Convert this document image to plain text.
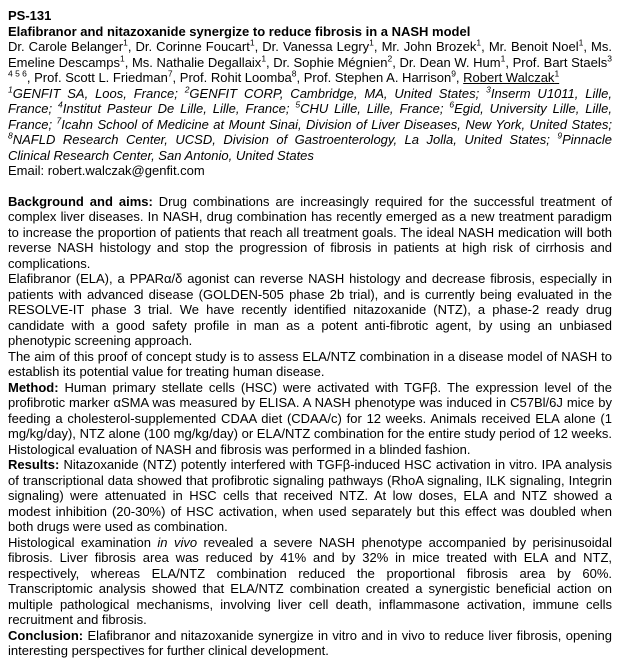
PS-131

Elafibranor and nitazoxanide synergize to reduce fibrosis in a NASH model

Dr. Carole Belanger$^1$, Dr. Corinne Foucart$^1$, Dr. Vanessa Legry$^1$, Mr. John Brozek$^1$, Mr. Benoit Noel$^1$, Ms. Emeline Descamps$^1$, Ms. Nathalie Degallaix$^1$, Dr. Sophie Mégnien$^2$, Dr. Dean W. Hum$^1$, Prof. Bart Staels$^{3 4 5 6}$, Prof. Scott L. Friedman$^7$, Prof. Rohit Loomba$^8$, Prof. Stephen A. Harrison$^9$, Robert Walczak$^1$

$^1$GENFIT SA, Loos, France; $^2$GENFIT CORP, Cambridge, MA, United States; $^3$Inserm U1011, Lille, France; $^4$Institut Pasteur De Lille, Lille, France; $^5$CHU Lille, Lille, France; $^6$Egid, University Lille, Lille, France; $^7$Icahn School of Medicine at Mount Sinai, Division of Liver Diseases, New York, United States; $^8$NAFLD Research Center, UCSD, Division of Gastroenterology, La Jolla, United States; $^9$Pinnacle Clinical Research Center, San Antonio, United States

Email: robert.walczak@genfit.com

Background and aims: Drug combinations are increasingly required for the successful treatment of complex liver diseases. In NASH, drug combination has recently emerged as a new treatment paradigm to increase the proportion of patients that reach all treatment goals. The ideal NASH medication will both reverse NASH histology and stop the progression of fibrosis in patients at high risk of cirrhosis and complications.

Elafibranor (ELA), a PPARα/δ agonist can reverse NASH histology and decrease fibrosis, especially in patients with advanced disease (GOLDEN-505 phase 2b trial), and is currently being evaluated in the RESOLVE-IT phase 3 trial. We have recently identified nitazoxanide (NTZ), a phase-2 ready drug candidate with a good safety profile in man as a potent anti-fibrotic agent, by using an unbiased phenotypic screening approach.

The aim of this proof of concept study is to assess ELA/NTZ combination in a disease model of NASH to establish its potential value for treating human disease.

Method: Human primary stellate cells (HSC) were activated with TGFβ. The expression level of the profibrotic marker αSMA was measured by ELISA. A NASH phenotype was induced in C57Bl/6J mice by feeding a cholesterol-supplemented CDAA diet (CDAA/c) for 12 weeks. Animals received ELA alone (1 mg/kg/day), NTZ alone (100 mg/kg/day) or ELA/NTZ combination for the entire study period of 12 weeks. Histological evaluation of NASH and fibrosis was performed in a blinded fashion.

Results: Nitazoxanide (NTZ) potently interfered with TGFβ-induced HSC activation in vitro. IPA analysis of transcriptional data showed that profibrotic signaling pathways (RhoA signaling, ILK signaling, Integrin signaling) were attenuated in HSC cells that received NTZ. At low doses, ELA and NTZ showed a modest inhibition (20-30%) of HSC activation, when used separately but this effect was doubled when both drugs were used as combination.

Histological examination in vivo revealed a severe NASH phenotype accompanied by perisinusoidal fibrosis. Liver fibrosis area was reduced by 41% and by 32% in mice treated with ELA and NTZ, respectively, whereas ELA/NTZ combination reduced the proportional fibrosis area by 60%. Transcriptomic analysis showed that ELA/NTZ combination created a synergistic beneficial action on multiple pathological mechanisms, involving liver cell death, inflammasone activation, immune cells recruitment and fibrosis.

Conclusion: Elafibranor and nitazoxanide synergize in vitro and in vivo to reduce liver fibrosis, opening interesting perspectives for further clinical development.
